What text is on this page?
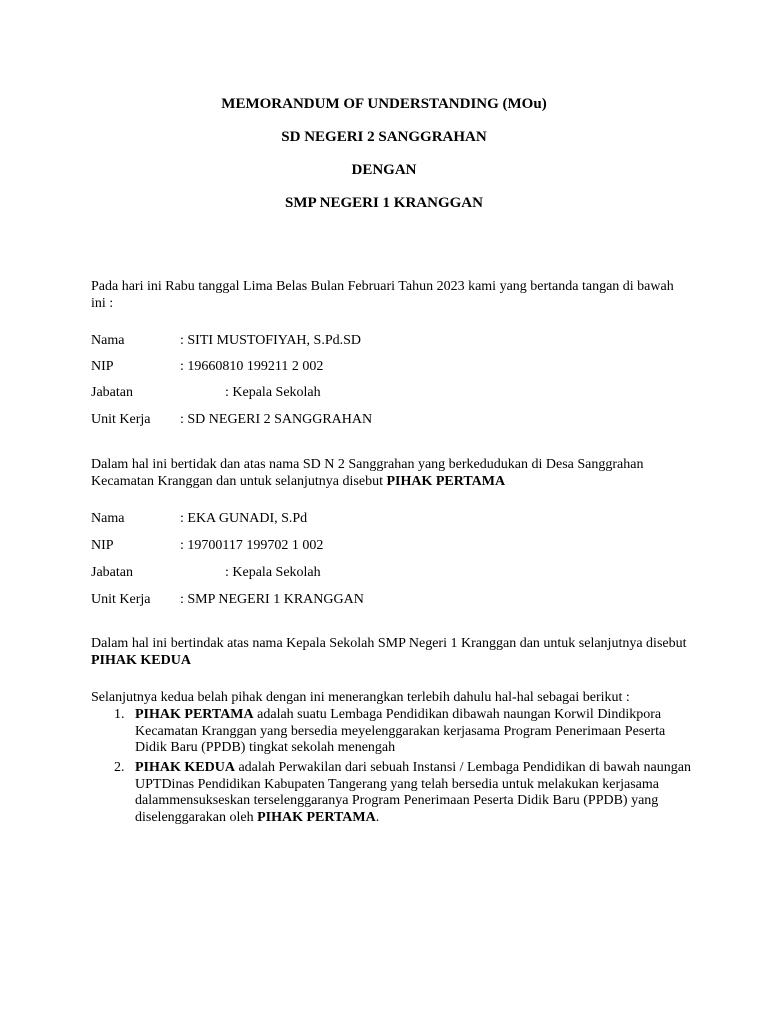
MEMORANDUM OF UNDERSTANDING (MOu)
SD NEGERI 2 SANGGRAHAN
DENGAN
SMP NEGERI 1 KRANGGAN
Pada hari ini Rabu tanggal Lima Belas Bulan Februari Tahun 2023 kami yang bertanda tangan di bawah ini :
Nama	: SITI MUSTOFIYAH, S.Pd.SD
NIP	: 19660810 199211 2 002
Jabatan	: Kepala Sekolah
Unit Kerja : SD NEGERI 2 SANGGRAHAN
Dalam hal ini bertidak dan atas nama SD N 2 Sanggrahan yang berkedudukan di Desa Sanggrahan Kecamatan Kranggan dan untuk selanjutnya disebut PIHAK PERTAMA
Nama	: EKA GUNADI, S.Pd
NIP	: 19700117 199702 1 002
Jabatan	: Kepala Sekolah
Unit Kerja : SMP NEGERI 1 KRANGGAN
Dalam hal ini bertindak atas nama Kepala Sekolah SMP Negeri 1 Kranggan dan untuk selanjutnya disebut PIHAK KEDUA
Selanjutnya kedua belah pihak dengan ini menerangkan terlebih dahulu hal-hal sebagai berikut :
1. PIHAK PERTAMA adalah suatu Lembaga Pendidikan dibawah naungan Korwil Dindikpora Kecamatan Kranggan yang bersedia meyelenggarakan kerjasama Program Penerimaan Peserta Didik Baru (PPDB) tingkat sekolah menengah
2. PIHAK KEDUA adalah Perwakilan dari sebuah Instansi / Lembaga Pendidikan di bawah naungan UPTDinas Pendidikan Kabupaten Tangerang yang telah bersedia untuk melakukan kerjasama dalammensukseskan terselenggaranya Program Penerimaan Peserta Didik Baru (PPDB) yang diselenggarakan oleh PIHAK PERTAMA.
